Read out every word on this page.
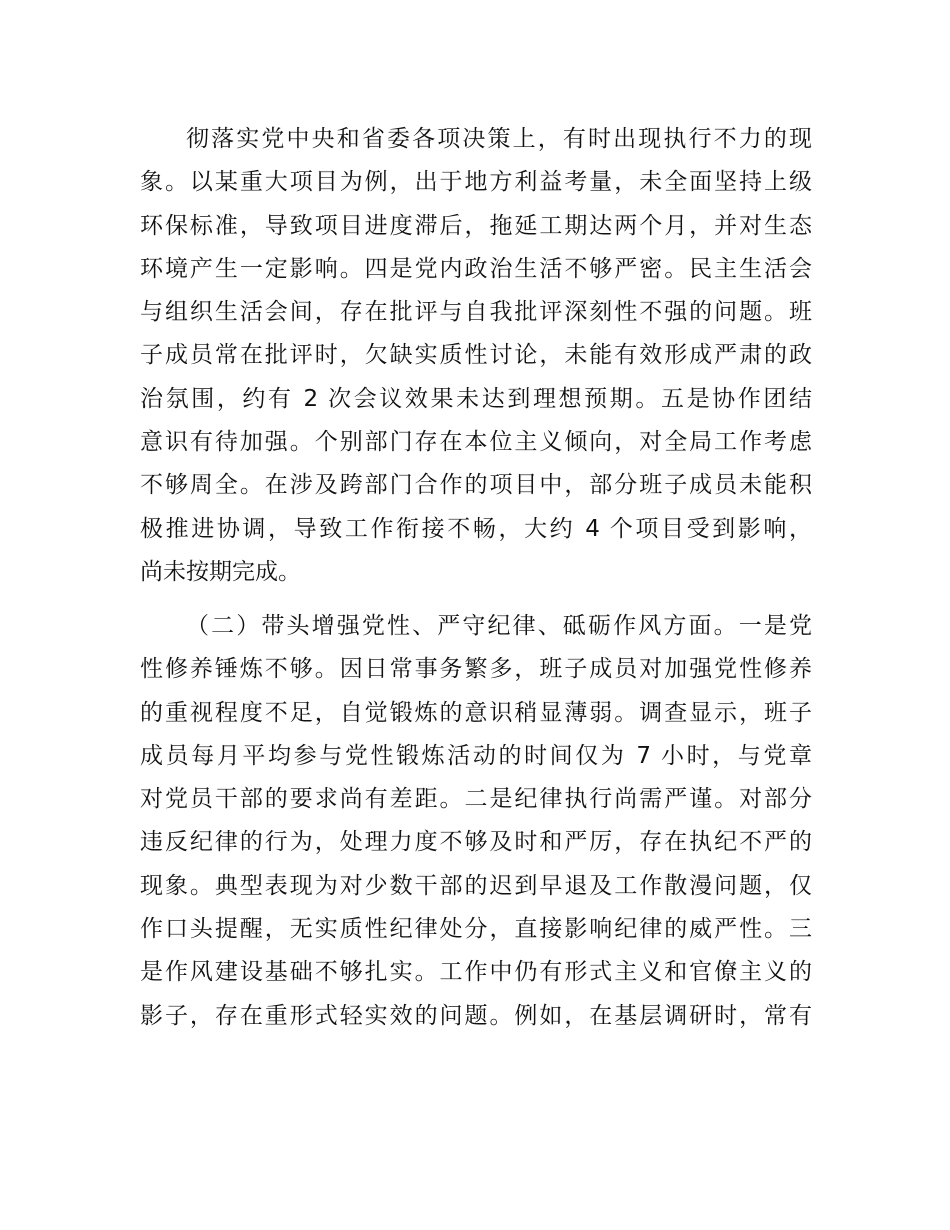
彻落实党中央和省委各项决策上，有时出现执行不力的现
象。以某重大项目为例，出于地方利益考量，未全面坚持上级
环保标准，导致项目进度滞后，拖延工期达两个月，并对生态
环境产生一定影响。四是党内政治生活不够严密。民主生活会
与组织生活会间，存在批评与自我批评深刻性不强的问题。班
子成员常在批评时，欠缺实质性讨论，未能有效形成严肃的政
治氛围，约有 2 次会议效果未达到理想预期。五是协作团结
意识有待加强。个别部门存在本位主义倾向，对全局工作考虑
不够周全。在涉及跨部门合作的项目中，部分班子成员未能积
极推进协调，导致工作衔接不畅，大约 4 个项目受到影响，
尚未按期完成。
（二）带头增强党性、严守纪律、砥砺作风方面。一是党
性修养锤炼不够。因日常事务繁多，班子成员对加强党性修养
的重视程度不足，自觉锻炼的意识稍显薄弱。调查显示，班子
成员每月平均参与党性锻炼活动的时间仅为 7 小时，与党章
对党员干部的要求尚有差距。二是纪律执行尚需严谨。对部分
违反纪律的行为，处理力度不够及时和严厉，存在执纪不严的
现象。典型表现为对少数干部的迟到早退及工作散漫问题，仅
作口头提醒，无实质性纪律处分，直接影响纪律的威严性。三
是作风建设基础不够扎实。工作中仍有形式主义和官僚主义的
影子，存在重形式轻实效的问题。例如，在基层调研时，常有
